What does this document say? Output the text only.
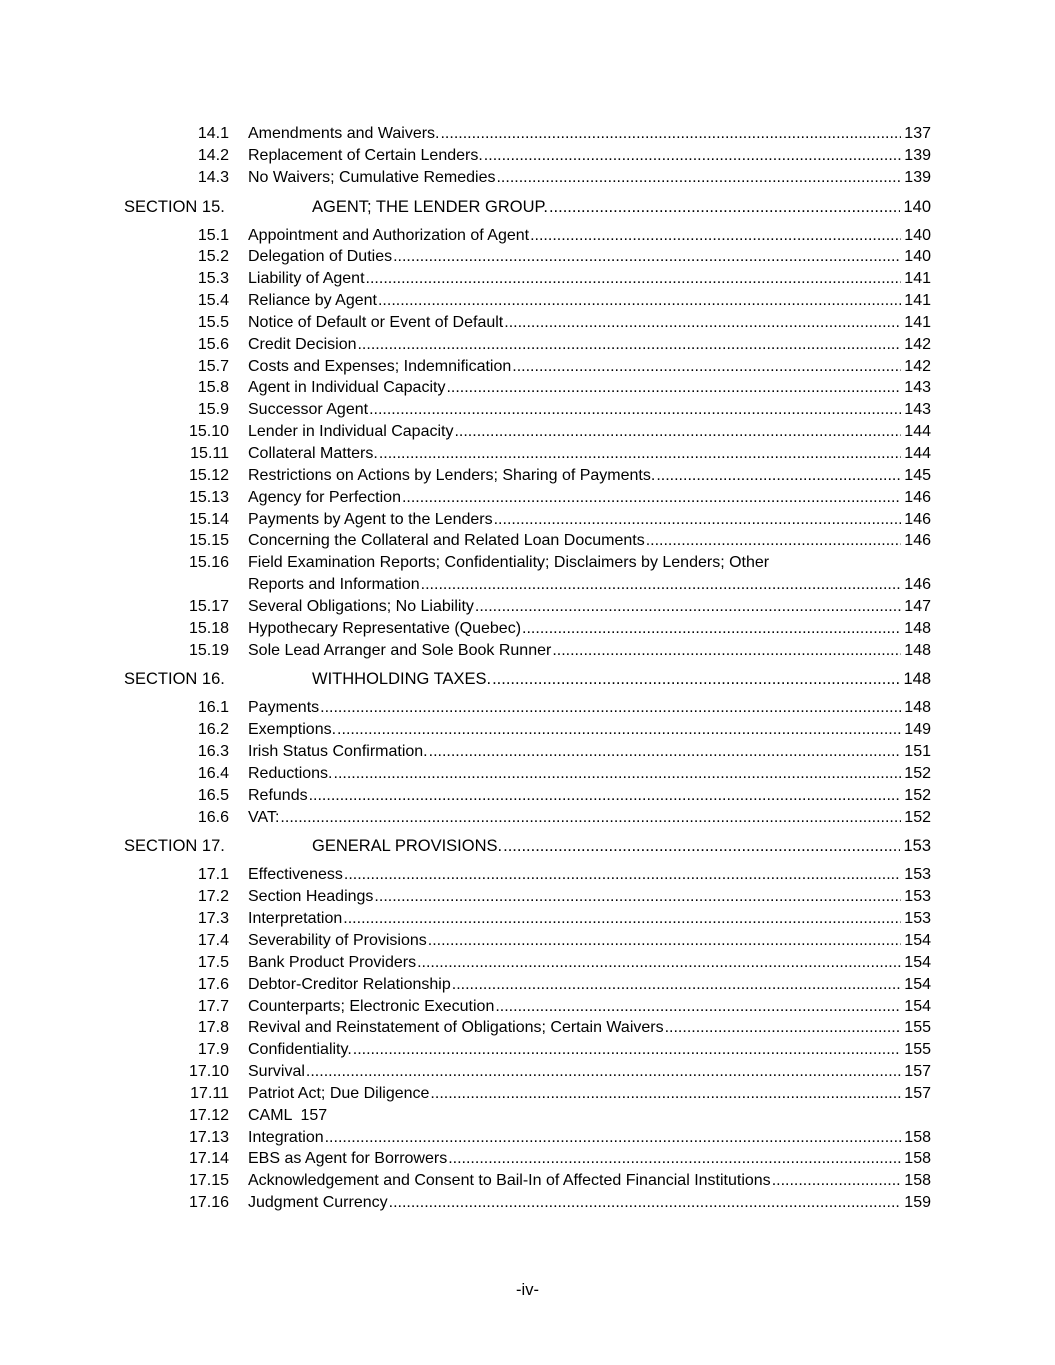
14.1 Amendments and Waivers. .....	137
14.2 Replacement of Certain Lenders. .....	139
14.3 No Waivers; Cumulative Remedies .....	139
SECTION 15.	AGENT; THE LENDER GROUP. .....	140
15.1 Appointment and Authorization of Agent .....	140
15.2 Delegation of Duties .....	140
15.3 Liability of Agent .....	141
15.4 Reliance by Agent .....	141
15.5 Notice of Default or Event of Default .....	141
15.6 Credit Decision .....	142
15.7 Costs and Expenses; Indemnification .....	142
15.8 Agent in Individual Capacity .....	143
15.9 Successor Agent .....	143
15.10 Lender in Individual Capacity .....	144
15.11 Collateral Matters. .....	144
15.12 Restrictions on Actions by Lenders; Sharing of Payments. .....	145
15.13 Agency for Perfection .....	146
15.14 Payments by Agent to the Lenders .....	146
15.15 Concerning the Collateral and Related Loan Documents .....	146
15.16 Field Examination Reports; Confidentiality; Disclaimers by Lenders; Other
Reports and Information .....	146
15.17 Several Obligations; No Liability .....	147
15.18 Hypothecary Representative (Quebec) .....	148
15.19 Sole Lead Arranger and Sole Book Runner .....	148
SECTION 16.	WITHHOLDING TAXES. .....	148
16.1 Payments .....	148
16.2 Exemptions. .....	149
16.3 Irish Status Confirmation. .....	151
16.4 Reductions. .....	152
16.5 Refunds .....	152
16.6 VAT: .....	152
SECTION 17.	GENERAL PROVISIONS. .....	153
17.1 Effectiveness .....	153
17.2 Section Headings .....	153
17.3 Interpretation .....	153
17.4 Severability of Provisions .....	154
17.5 Bank Product Providers .....	154
17.6 Debtor-Creditor Relationship .....	154
17.7 Counterparts; Electronic Execution .....	154
17.8 Revival and Reinstatement of Obligations; Certain Waivers .....	155
17.9 Confidentiality. .....	155
17.10 Survival .....	157
17.11 Patriot Act; Due Diligence .....	157
17.12 CAML 157
17.13 Integration .....	158
17.14 EBS as Agent for Borrowers .....	158
17.15 Acknowledgement and Consent to Bail-In of Affected Financial Institutions .....	158
17.16 Judgment Currency .....	159
-iv-
